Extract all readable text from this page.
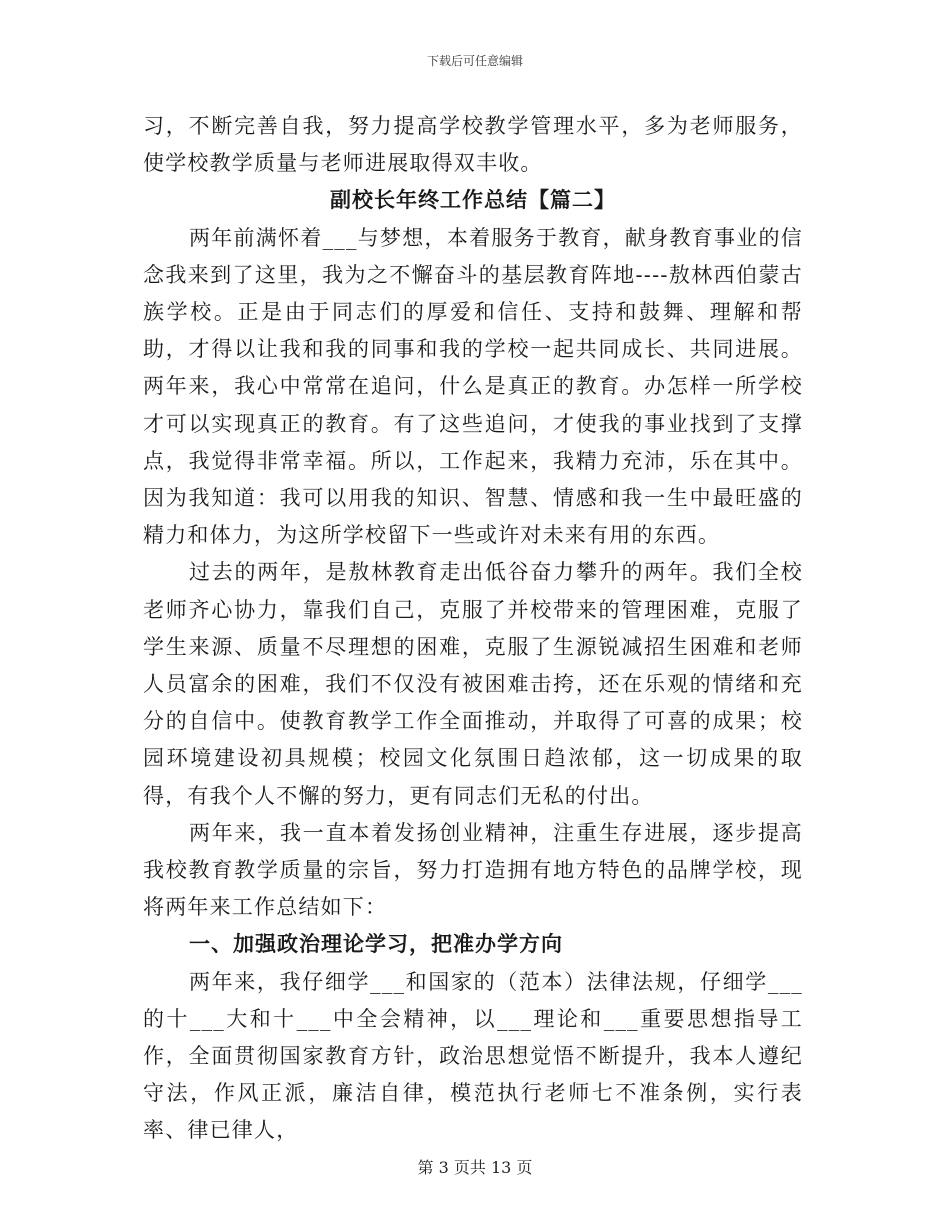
下载后可任意编辑

习，不断完善自我，努力提高学校教学管理水平，多为老师服务，使学校教学质量与老师进展取得双丰收。

副校长年终工作总结【篇二】

两年前满怀着___与梦想，本着服务于教育，献身教育事业的信念我来到了这里，我为之不懈奋斗的基层教育阵地----敖林西伯蒙古族学校。正是由于同志们的厚爱和信任、支持和鼓舞、理解和帮助，才得以让我和我的同事和我的学校一起共同成长、共同进展。两年来，我心中常常在追问，什么是真正的教育。办怎样一所学校才可以实现真正的教育。有了这些追问，才使我的事业找到了支撑点，我觉得非常幸福。所以，工作起来，我精力充沛，乐在其中。因为我知道：我可以用我的知识、智慧、情感和我一生中最旺盛的精力和体力，为这所学校留下一些或许对未来有用的东西。

过去的两年，是敖林教育走出低谷奋力攀升的两年。我们全校老师齐心协力，靠我们自己，克服了并校带来的管理困难，克服了学生来源、质量不尽理想的困难，克服了生源锐减招生困难和老师人员富余的困难，我们不仅没有被困难击挎，还在乐观的情绪和充分的自信中。使教育教学工作全面推动，并取得了可喜的成果；校园环境建设初具规模；校园文化氛围日趋浓郁，这一切成果的取得，有我个人不懈的努力，更有同志们无私的付出。

两年来，我一直本着发扬创业精神，注重生存进展，逐步提高我校教育教学质量的宗旨，努力打造拥有地方特色的品牌学校，现将两年来工作总结如下：

一、加强政治理论学习，把准办学方向

两年来，我仔细学___和国家的（范本）法律法规，仔细学___的十___大和十___中全会精神，以___理论和___重要思想指导工作，全面贯彻国家教育方针，政治思想觉悟不断提升，我本人遵纪守法，作风正派，廉洁自律，模范执行老师七不准条例，实行表率、律已律人，

第 3 页共 13 页
